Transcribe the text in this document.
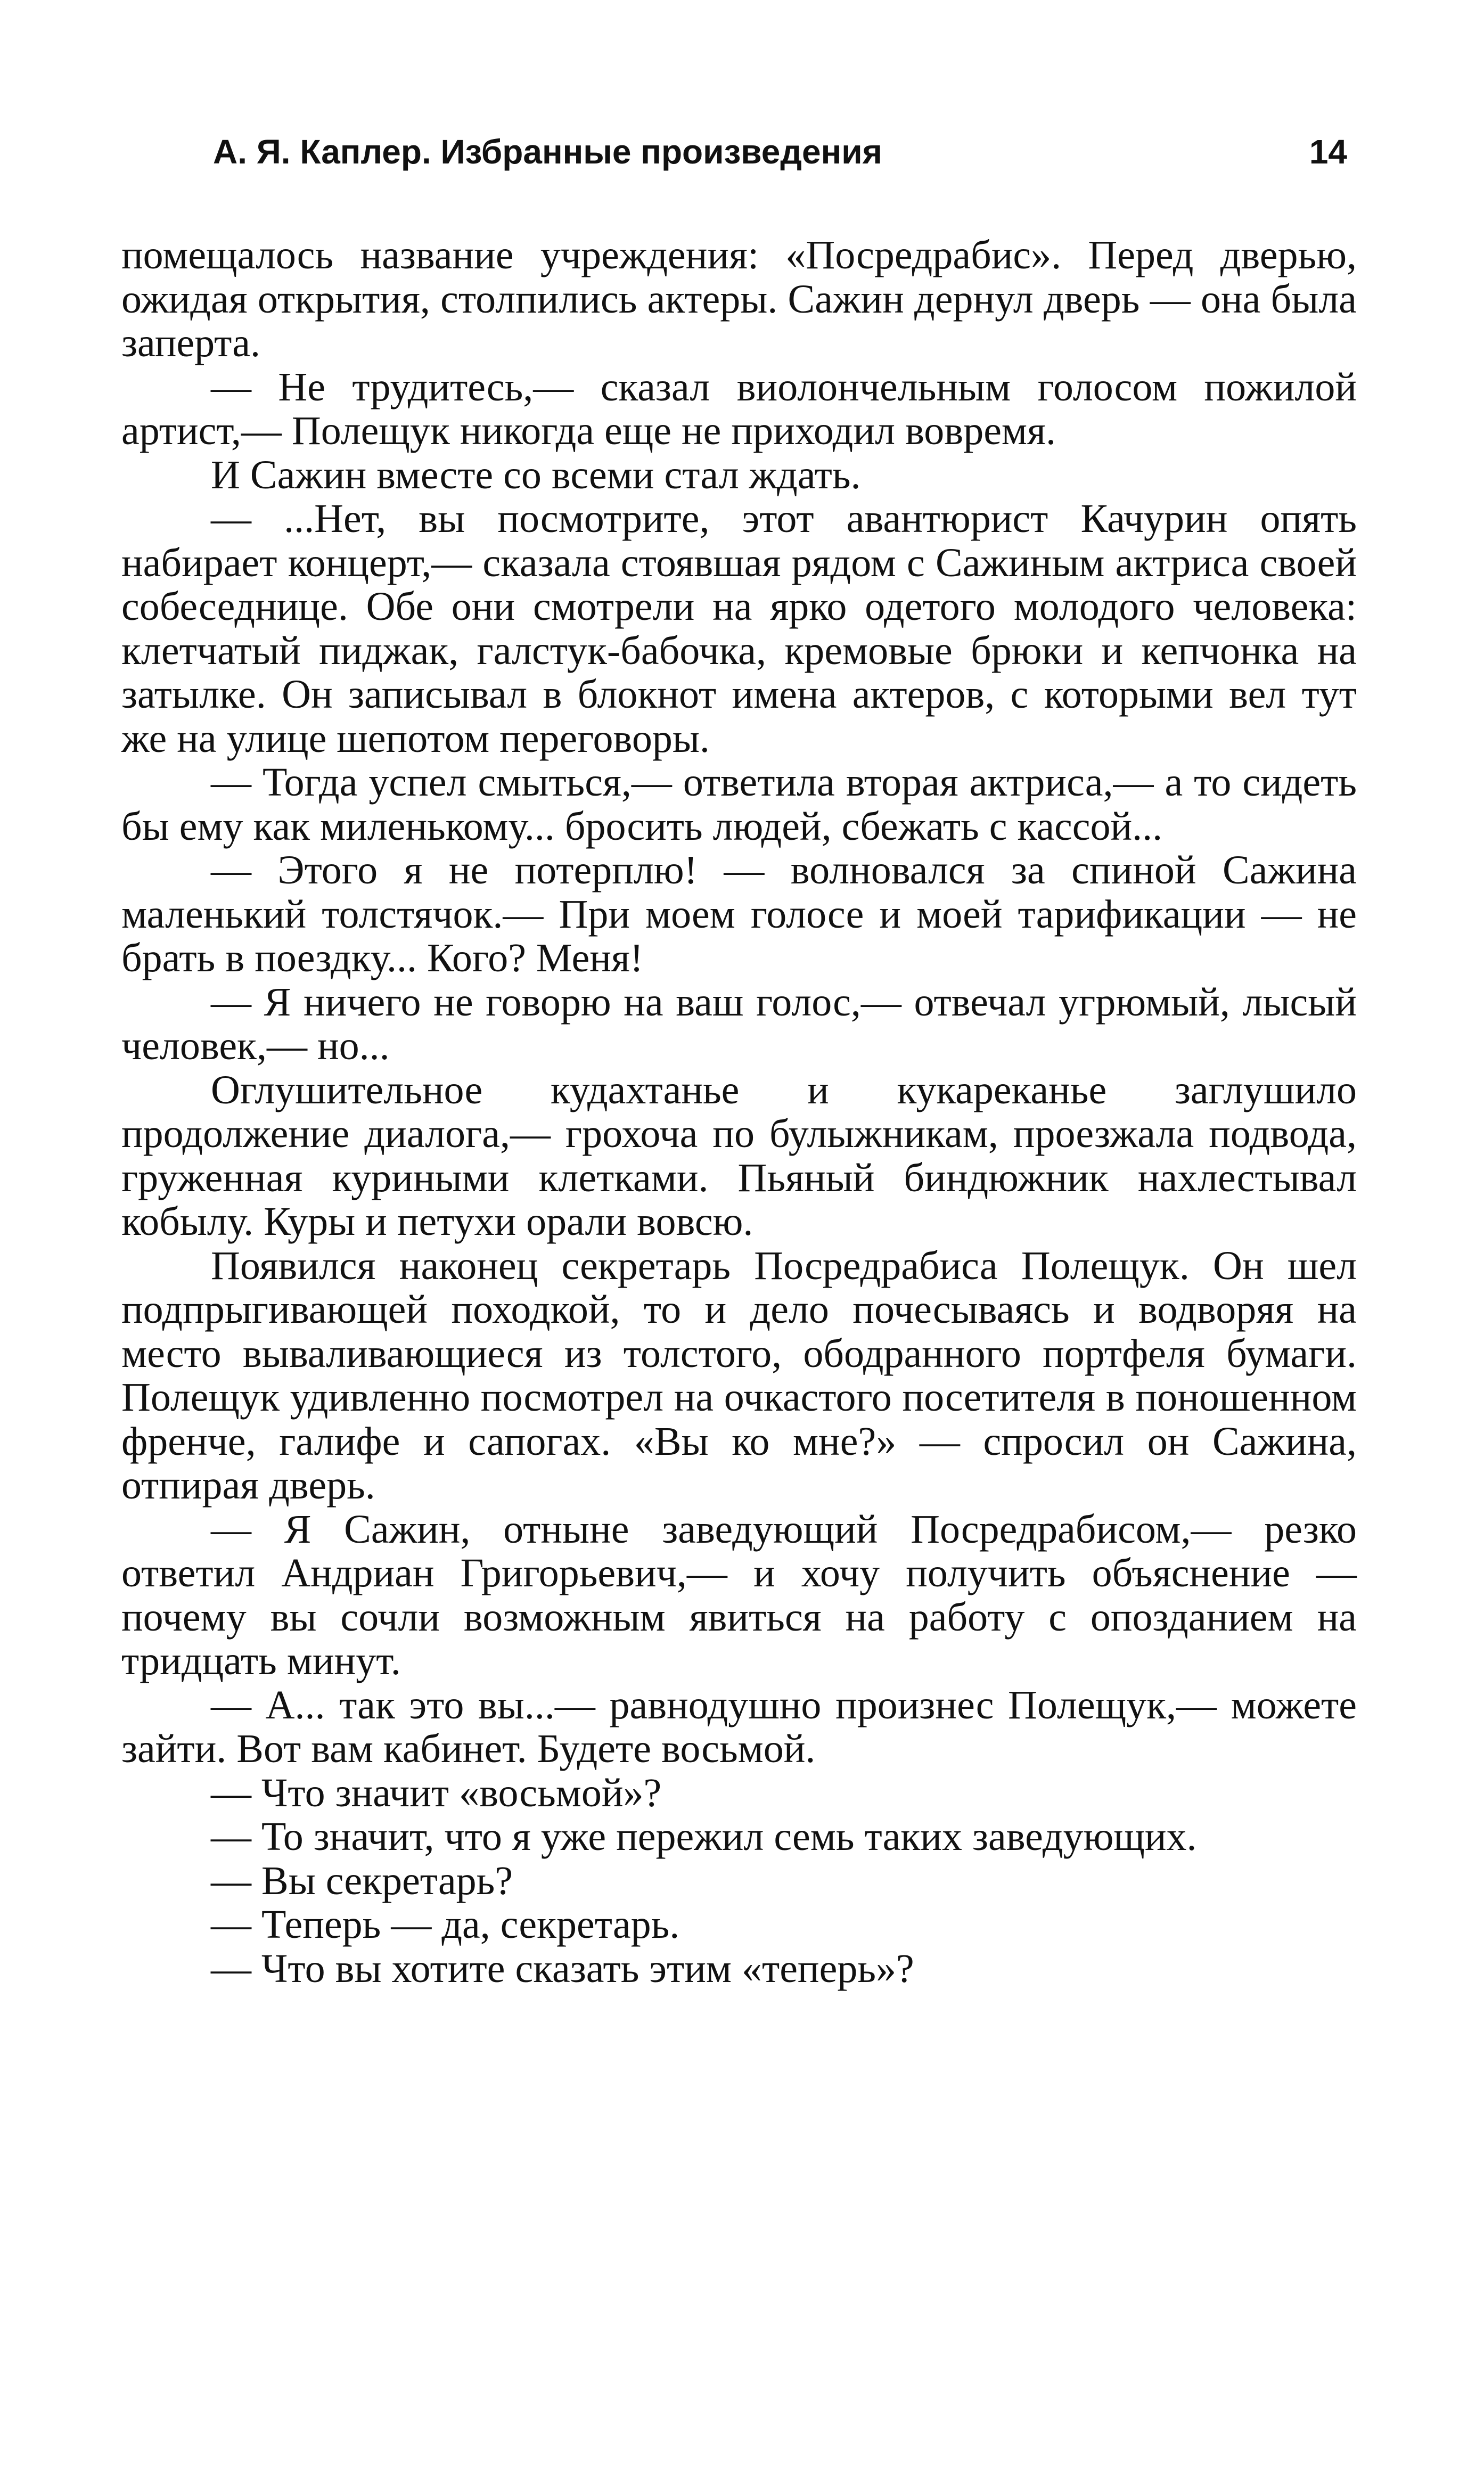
А. Я. Каплер. Избранные произведения	14

помещалось название учреждения: «Посредрабис». Перед дверью, ожидая открытия, столпились актеры. Сажин дернул дверь — она была заперта.

— Не трудитесь,— сказал виолончельным голосом пожилой артист,— Полещук никогда еще не приходил вовремя.

И Сажин вместе со всеми стал ждать.

— ...Нет, вы посмотрите, этот авантюрист Качурин опять набирает концерт,— сказала стоявшая рядом с Сажиным актриса своей собеседнице. Обе они смотрели на ярко одетого молодого человека: клетчатый пиджак, галстук-бабочка, кремовые брюки и кепчонка на затылке. Он записывал в блокнот имена актеров, с которыми вел тут же на улице шепотом переговоры.

— Тогда успел смыться,— ответила вторая актриса,— а то сидеть бы ему как миленькому... бросить людей, сбежать с кассой...

— Этого я не потерплю! — волновался за спиной Сажина маленький толстячок.— При моем голосе и моей тарификации — не брать в поездку... Кого? Меня!

— Я ничего не говорю на ваш голос,— отвечал угрюмый, лысый человек,— но...

Оглушительное кудахтанье и кукареканье заглушило продолжение диалога,— грохоча по булыжникам, проезжала подвода, груженная куриными клетками. Пьяный биндюжник нахлестывал кобылу. Куры и петухи орали вовсю.

Появился наконец секретарь Посредрабиса Полещук. Он шел подпрыгивающей походкой, то и дело почесываясь и водворяя на место вываливающиеся из толстого, ободранного портфеля бумаги. Полещук удивленно посмотрел на очкастого посетителя в поношенном френче, галифе и сапогах. «Вы ко мне?» — спросил он Сажина, отпирая дверь.

— Я Сажин, отныне заведующий Посредрабисом,— резко ответил Андриан Григорьевич,— и хочу получить объяснение — почему вы сочли возможным явиться на работу с опозданием на тридцать минут.

— А... так это вы...— равнодушно произнес Полещук,— можете зайти. Вот вам кабинет. Будете восьмой.

— Что значит «восьмой»?

— То значит, что я уже пережил семь таких заведующих.

— Вы секретарь?

— Теперь — да, секретарь.

— Что вы хотите сказать этим «теперь»?
